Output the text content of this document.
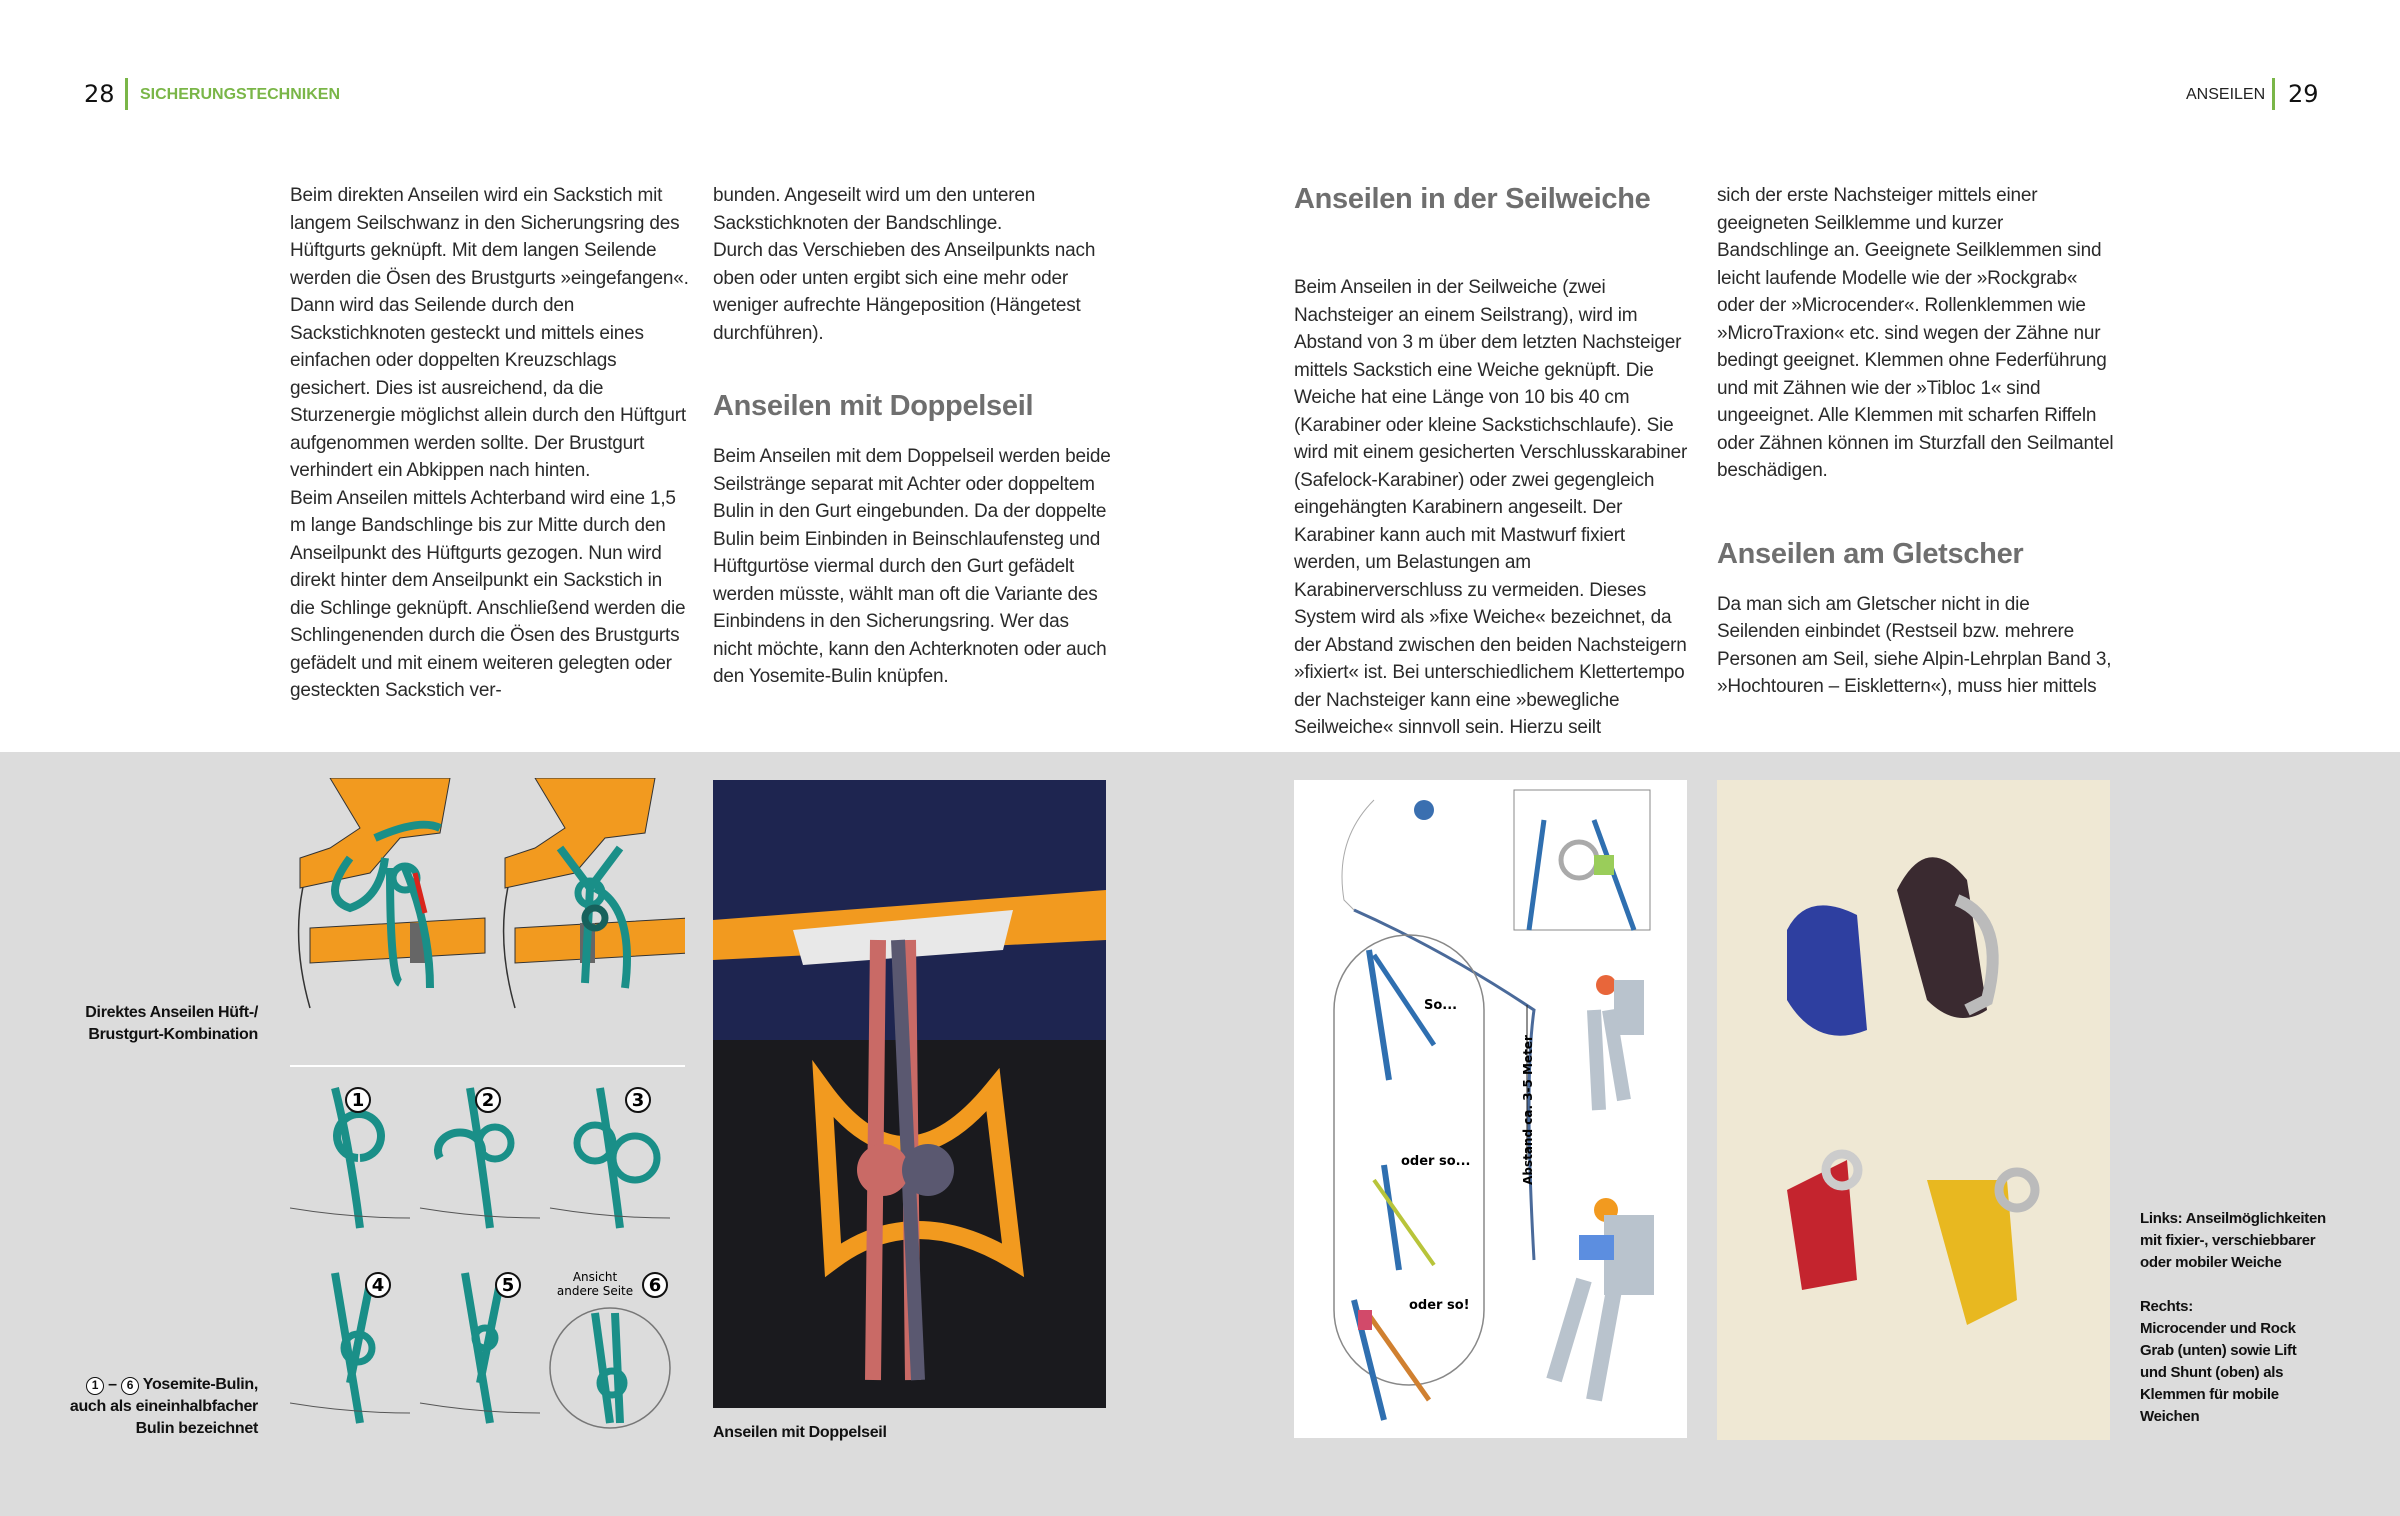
28 SICHERUNGSTECHNIKEN	ANSEILEN 29

Beim direkten Anseilen wird ein Sackstich mit langem Seilschwanz in den Sicherungsring des Hüftgurts geknüpft. Mit dem langen Seilende werden die Ösen des Brustgurts »eingefangen«. Dann wird das Seilende durch den Sackstichknoten gesteckt und mittels eines einfachen oder doppelten Kreuzschlags gesichert. Dies ist ausreichend, da die Sturzenergie möglichst allein durch den Hüftgurt aufgenommen werden sollte. Der Brustgurt verhindert ein Abkippen nach hinten.

Beim Anseilen mittels Achterband wird eine 1,5 m lange Bandschlinge bis zur Mitte durch den Anseilpunkt des Hüftgurts gezogen. Nun wird direkt hinter dem Anseilpunkt ein Sackstich in die Schlinge geknüpft. Anschließend werden die Schlingenenden durch die Ösen des Brustgurts gefädelt und mit einem weiteren gelegten oder gesteckten Sackstich ver-

bunden. Angeseilt wird um den unteren Sackstichknoten der Bandschlinge.

Durch das Verschieben des Anseilpunkts nach oben oder unten ergibt sich eine mehr oder weniger aufrechte Hängeposition (Hängetest durchführen).

Anseilen mit Doppelseil

Beim Anseilen mit dem Doppelseil werden beide Seilstränge separat mit Achter oder doppeltem Bulin in den Gurt eingebunden. Da der doppelte Bulin beim Einbinden in Beinschlaufensteg und Hüftgurtöse viermal durch den Gurt gefädelt werden müsste, wählt man oft die Variante des Einbindens in den Sicherungsring. Wer das nicht möchte, kann den Achterknoten oder auch den Yosemite-Bulin knüpfen.

Anseilen in der Seilweiche

Beim Anseilen in der Seilweiche (zwei Nachsteiger an einem Seilstrang), wird im Abstand von 3 m über dem letzten Nachsteiger mittels Sackstich eine Weiche geknüpft. Die Weiche hat eine Länge von 10 bis 40 cm (Karabiner oder kleine Sackstichschlaufe). Sie wird mit einem gesicherten Verschlusskarabiner (Safelock-Karabiner) oder zwei gegengleich eingehängten Karabinern angeseilt. Der Karabiner kann auch mit Mastwurf fixiert werden, um Belastungen am Karabinerverschluss zu vermeiden. Dieses System wird als »fixe Weiche« bezeichnet, da der Abstand zwischen den beiden Nachsteigern »fixiert« ist. Bei unterschiedlichem Klettertempo der Nachsteiger kann eine »bewegliche Seilweiche« sinnvoll sein. Hierzu seilt

sich der erste Nachsteiger mittels einer geeigneten Seilklemme und kurzer Bandschlinge an. Geeignete Seilklemmen sind leicht laufende Modelle wie der »Rockgrab« oder der »Microcender«. Rollenklemmen wie »MicroTraxion« etc. sind wegen der Zähne nur bedingt geeignet. Klemmen ohne Federführung und mit Zähnen wie der »Tibloc 1« sind ungeeignet. Alle Klemmen mit scharfen Riffeln oder Zähnen können im Sturzfall den Seilmantel beschädigen.

Anseilen am Gletscher

Da man sich am Gletscher nicht in die Seilenden einbindet (Restseil bzw. mehrere Personen am Seil, siehe Alpin-Lehrplan Band 3, »Hochtouren – Eisklettern«), muss hier mittels

Direktes Anseilen Hüft-/
Brustgurt-Kombination
1 – 6 Yosemite-Bulin,
auch als eineinhalbfacher
Bulin bezeichnet
1	2	3
4	5	Ansicht
andere Seite 6
Anseilen mit Doppelseil
So...
oder so...
oder so!
Abstand ca. 3-5 Meter
Links: Anseilmöglichkeiten
mit fixier-, verschiebbarer
oder mobiler Weiche
Rechts:
Microcender und Rock
Grab (unten) sowie Lift
und Shunt (oben) als
Klemmen für mobile
Weichen
